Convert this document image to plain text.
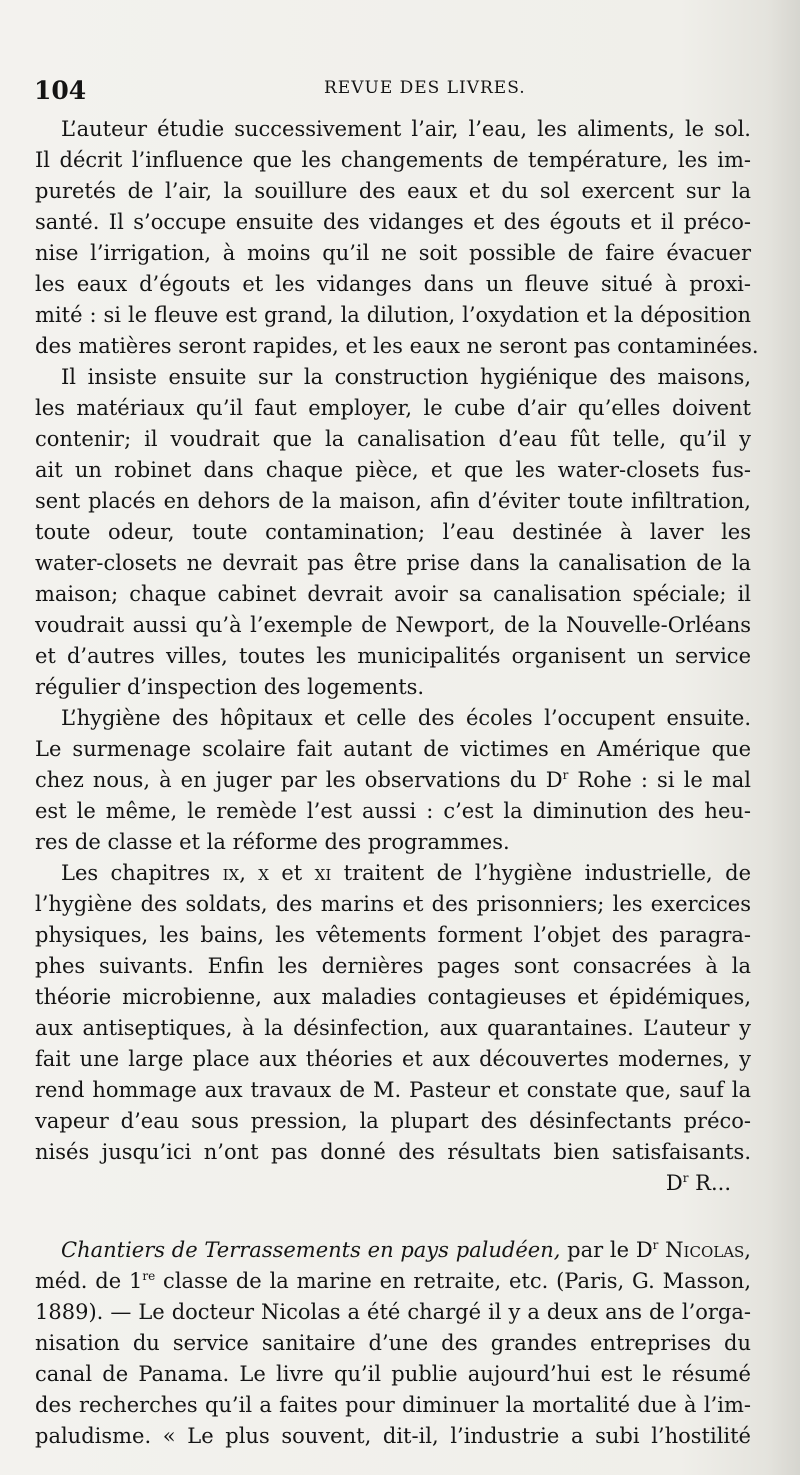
104	REVUE DES LIVRES.
L’auteur étudie successivement l’air, l’eau, les aliments, le sol.
Il décrit l’influence que les changements de température, les im-
puretés de l’air, la souillure des eaux et du sol exercent sur la
santé. Il s’occupe ensuite des vidanges et des égouts et il préco-
nise l’irrigation, à moins qu’il ne soit possible de faire évacuer
les eaux d’égouts et les vidanges dans un fleuve situé à proxi-
mité : si le fleuve est grand, la dilution, l’oxydation et la déposition
des matières seront rapides, et les eaux ne seront pas contaminées.
Il insiste ensuite sur la construction hygiénique des maisons,
les matériaux qu’il faut employer, le cube d’air qu’elles doivent
contenir; il voudrait que la canalisation d’eau fût telle, qu’il y
ait un robinet dans chaque pièce, et que les water-closets fus-
sent placés en dehors de la maison, afin d’éviter toute infiltration,
toute odeur, toute contamination; l’eau destinée à laver les
water-closets ne devrait pas être prise dans la canalisation de la
maison; chaque cabinet devrait avoir sa canalisation spéciale; il
voudrait aussi qu’à l’exemple de Newport, de la Nouvelle-Orléans
et d’autres villes, toutes les municipalités organisent un service
régulier d’inspection des logements.
L’hygiène des hôpitaux et celle des écoles l’occupent ensuite.
Le surmenage scolaire fait autant de victimes en Amérique que
chez nous, à en juger par les observations du $D^r$ Rohe : si le mal
est le même, le remède l’est aussi : c’est la diminution des heu-
res de classe et la réforme des programmes.
Les chapitres ix, x et xi traitent de l’hygiène industrielle, de
l’hygiène des soldats, des marins et des prisonniers; les exercices
physiques, les bains, les vêtements forment l’objet des paragra-
phes suivants. Enfin les dernières pages sont consacrées à la
théorie microbienne, aux maladies contagieuses et épidémiques,
aux antiseptiques, à la désinfection, aux quarantaines. L’auteur y
fait une large place aux théories et aux découvertes modernes, y
rend hommage aux travaux de M. Pasteur et constate que, sauf la
vapeur d’eau sous pression, la plupart des désinfectants préco-
nisés jusqu’ici n’ont pas donné des résultats bien satisfaisants.
$D^r$ R...
Chantiers de Terrassements en pays paludéen, par le $D^r$ Nicolas,
méd. de 1re classe de la marine en retraite, etc. (Paris, G. Masson,
1889). — Le docteur Nicolas a été chargé il y a deux ans de l’orga-
nisation du service sanitaire d’une des grandes entreprises du
canal de Panama. Le livre qu’il publie aujourd’hui est le résumé
des recherches qu’il a faites pour diminuer la mortalité due à l’im-
paludisme. « Le plus souvent, dit-il, l’industrie a subi l’hostilité
